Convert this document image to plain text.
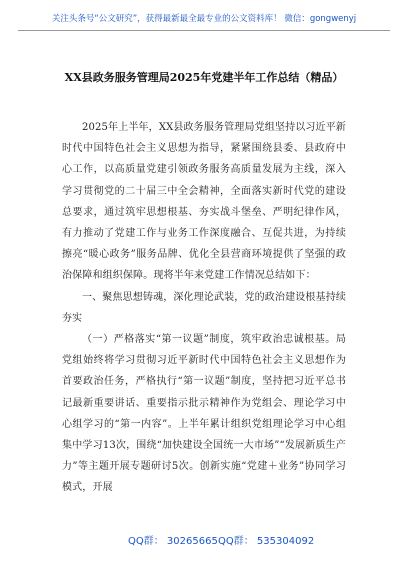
关注头条号“公文研究”，获得最新最全最专业的公文资料库！ 微信：gongwenyj
XX县政务服务管理局2025年党建半年工作总结（精品）

2025年上半年，XX县政务服务管理局党组坚持以习近平新时代中国特色社会主义思想为指导，紧紧围绕县委、县政府中心工作，以高质量党建引领政务服务高质量发展为主线，深入学习贯彻党的二十届三中全会精神，全面落实新时代党的建设总要求，通过筑牢思想根基、夯实战斗堡垒、严明纪律作风，有力推动了党建工作与业务工作深度融合、互促共进，为持续擦亮“暖心政务”服务品牌、优化全县营商环境提供了坚强的政治保障和组织保障。现将半年来党建工作情况总结如下：

一、聚焦思想铸魂，深化理论武装，党的政治建设根基持续夯实

（一）严格落实“第一议题”制度，筑牢政治忠诚根基。局党组始终将学习贯彻习近平新时代中国特色社会主义思想作为首要政治任务，严格执行“第一议题”制度，坚持把习近平总书记最新重要讲话、重要指示批示精神作为党组会、理论学习中心组学习的“第一内容”。上半年累计组织党组理论学习中心组集中学习13次，围绕“加快建设全国统一大市场”“发展新质生产力”等主题开展专题研讨5次。创新实施“党建＋业务”协同学习模式，开展

QQ群： 30265665 QQ群： 535304092
